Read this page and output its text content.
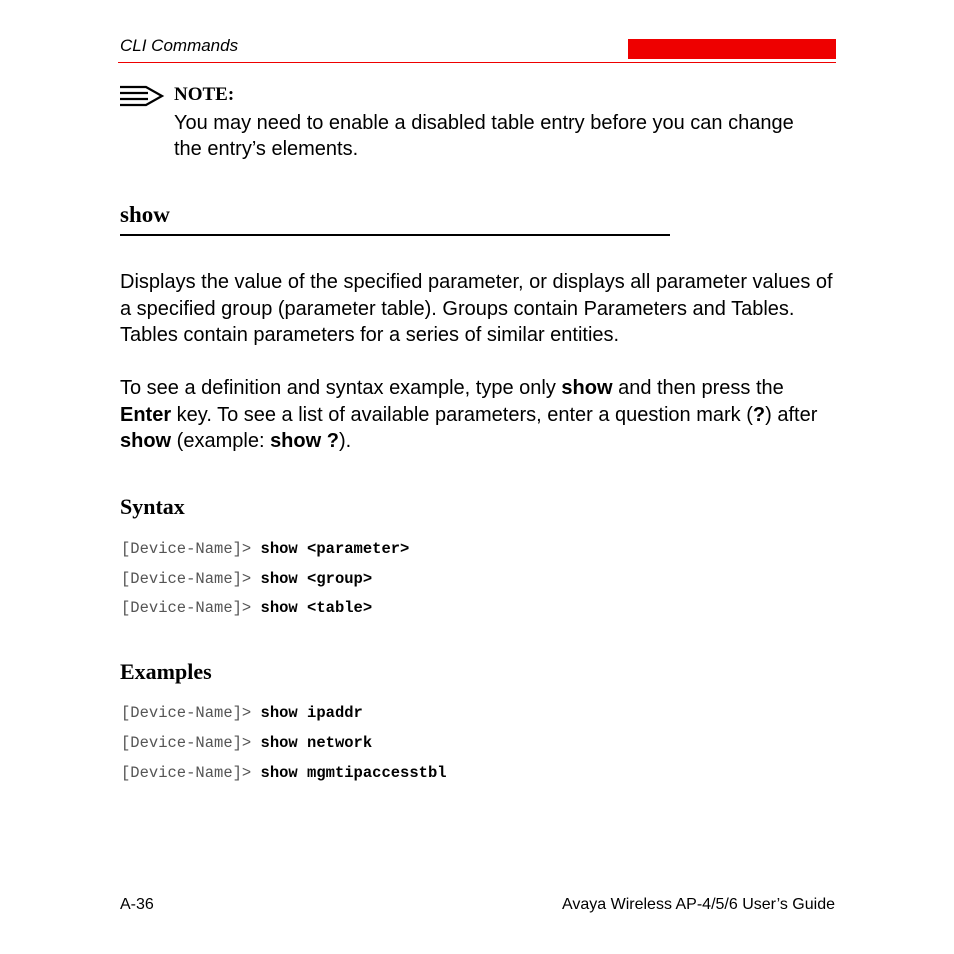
CLI Commands
NOTE:
You may need to enable a disabled table entry before you can change the entry’s elements.
show
Displays the value of the specified parameter, or displays all parameter values of a specified group (parameter table). Groups contain Parameters and Tables. Tables contain parameters for a series of similar entities.
To see a definition and syntax example, type only show and then press the Enter key. To see a list of available parameters, enter a question mark (?) after show (example: show ?).
Syntax
[Device-Name]> show <parameter>
[Device-Name]> show <group>
[Device-Name]> show <table>
Examples
[Device-Name]> show ipaddr
[Device-Name]> show network
[Device-Name]> show mgmtipaccesstbl
A-36	Avaya Wireless AP-4/5/6 User’s Guide
